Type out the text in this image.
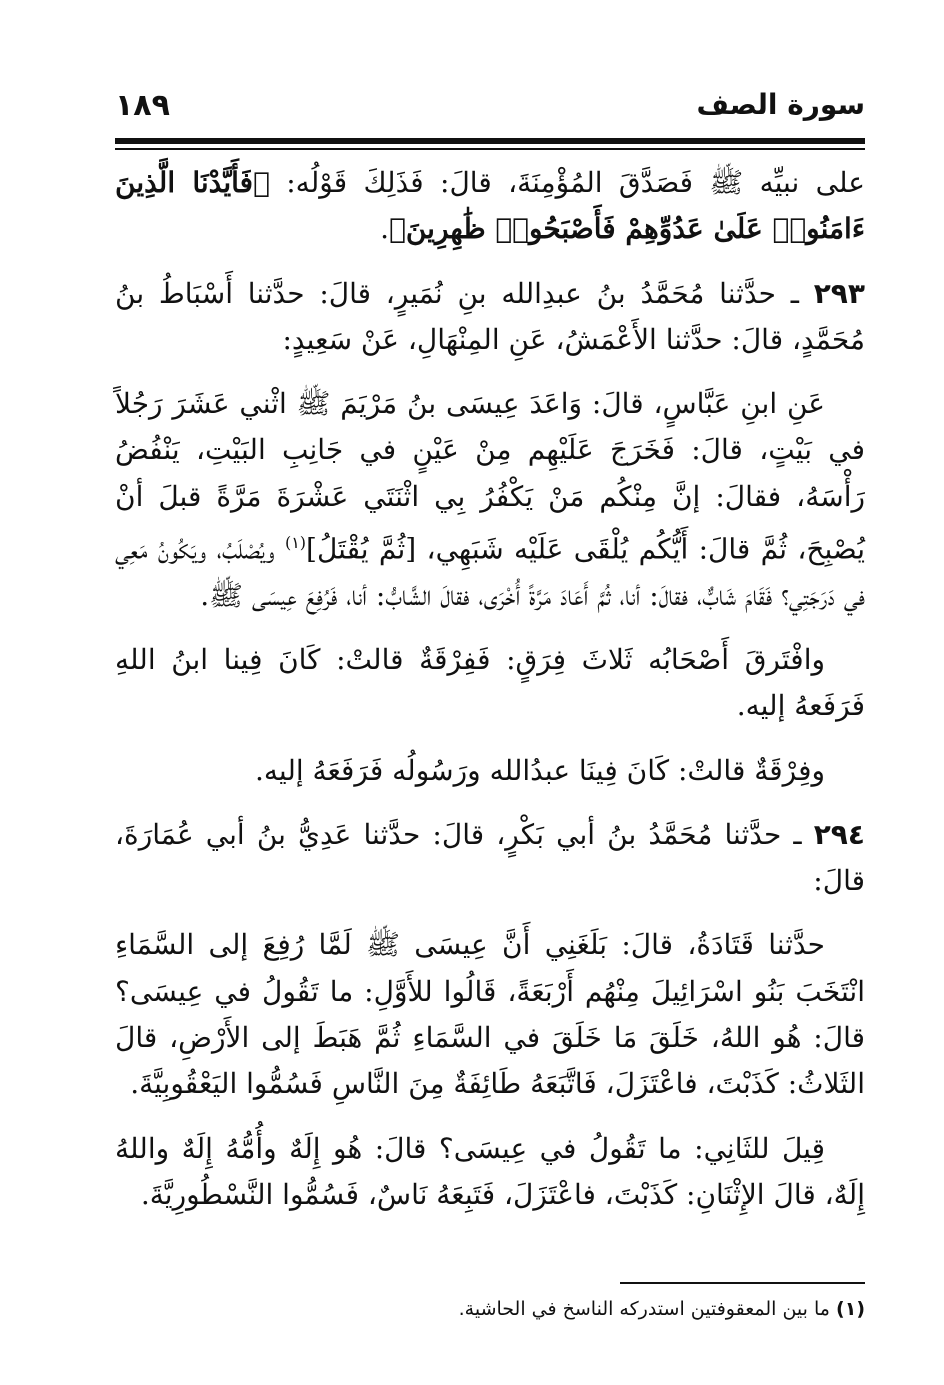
١٨٩	سورة الصف

على نبيِّه ﷺ فَصَدَّقَ المُؤْمِنَةَ، قالَ: فَذَلِكَ قَوْلُه: ﴿فَأَيَّدْنَا الَّذِينَ ءَامَنُوا۟ عَلَىٰ عَدُوِّهِمْ فَأَصْبَحُوا۟ ظَٰهِرِينَ﴾.

٢٩٣ ـ حدَّثنا مُحَمَّدُ بنُ عبدِالله بنِ نُمَيرٍ، قالَ: حدَّثنا أَسْبَاطُ بنُ مُحَمَّدٍ، قالَ: حدَّثنا الأَعْمَشُ، عَنِ المِنْهَالِ، عَنْ سَعِيدٍ:

عَنِ ابنِ عَبَّاسٍ، قالَ: وَاعَدَ عِيسَى بنُ مَرْيَمَ ﷺ اثْني عَشَرَ رَجُلاً في بَيْتٍ، قالَ: فَخَرَجَ عَلَيْهِم مِنْ عَيْنٍ في جَانِبِ البَيْتِ، يَنْفُضُ رَأْسَهُ، فقالَ: إنَّ مِنْكُم مَنْ يَكْفُرُ بِي اثْنَتَي عَشْرَةَ مَرَّةً قبلَ أنْ يُصْبِحَ، ثُمَّ قالَ: أَيُّكُم يُلْقَى عَلَيْه شَبَهِي، [ثُمَّ يُقْتَلُ]$^{(١)}$ ويُصْلَبُ، ويَكُونُ مَعِي في دَرَجَتِي؟ فَقَامَ شَابٌّ، فقالَ: أنا، ثُمَّ أَعَادَ مَرَّةً أُخْرَى، فقالَ الشَّابُّ: أنا، فَرُفِعَ عِيسَى ﷺ.

وافْتَرقَ أَصْحَابُه ثَلاثَ فِرَقٍ: فَفِرْقَةٌ قالتْ: كَانَ فِينا ابنُ اللهِ فَرَفَعهُ إليه.

وفِرْقَةٌ قالتْ: كَانَ فِينَا عبدُالله ورَسُولُه فَرَفَعَهُ إليه.

٢٩٤ ـ حدَّثنا مُحَمَّدُ بنُ أبي بَكْرٍ، قالَ: حدَّثنا عَدِيُّ بنُ أبي عُمَارَةَ، قالَ:

حدَّثنا قَتَادَةُ، قالَ: بَلَغَنِي أَنَّ عِيسَى ﷺ لَمَّا رُفِعَ إلى السَّمَاءِ انْتَخَبَ بَنُو اسْرَائِيلَ مِنْهُم أَرْبَعَةً، قَالُوا للأَوَّلِ: ما تَقُولُ في عِيسَى؟ قالَ: هُو اللهُ، خَلَقَ مَا خَلَقَ في السَّمَاءِ ثُمَّ هَبَطَ إلى الأَرْضِ، قالَ الثَلاثُ: كَذَبْتَ، فاعْتَزَلَ، فَاتَّبَعَهُ طَائِفَةٌ مِنَ النَّاسِ فَسُمُّوا اليَعْقُوبِيَّةَ.

قِيلَ للثَانِي: ما تَقُولُ في عِيسَى؟ قالَ: هُو إِلَهٌ وأُمُّهُ إِلَهٌ واللهُ إِلَهٌ، قالَ الإِثْنَانِ: كَذَبْتَ، فاعْتَزَلَ، فَتَبِعَهُ نَاسٌ، فَسُمُّوا النَّسْطُورِيَّةَ.

(١) ما بين المعقوفتين استدركه الناسخ في الحاشية.
